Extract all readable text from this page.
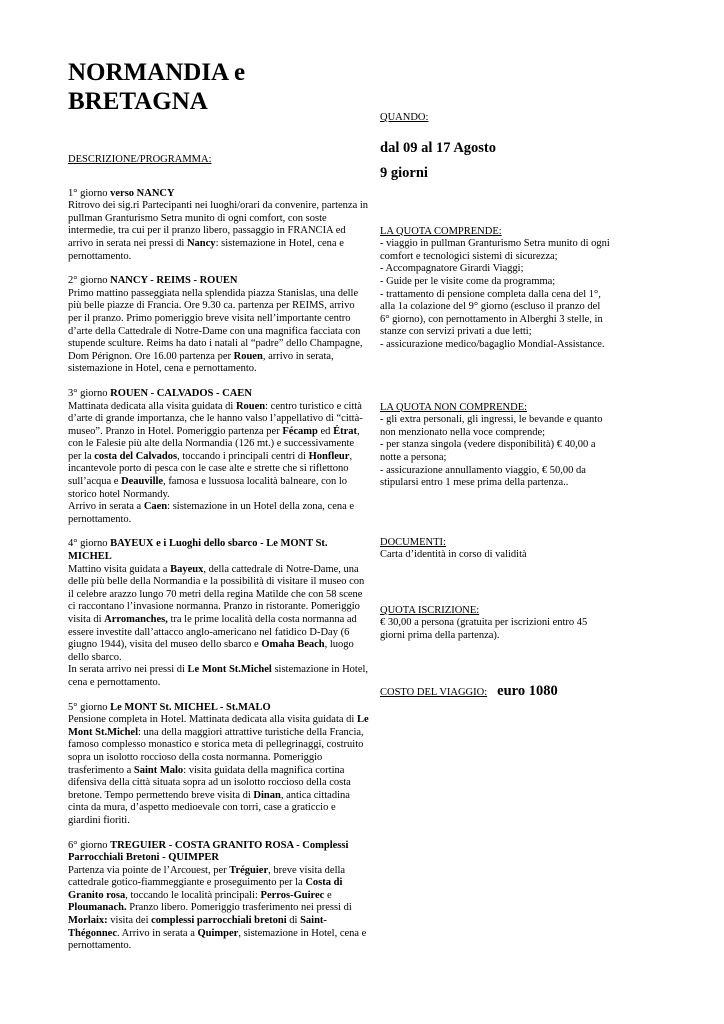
NORMANDIA e
BRETAGNA
DESCRIZIONE/PROGRAMMA:

1° giorno verso NANCY

Ritrovo dei sig.ri Partecipanti nei luoghi/orari da convenire, partenza in pullman Granturismo Setra munito di ogni comfort, con soste intermedie, tra cui per il pranzo libero, passaggio in FRANCIA ed arrivo in serata nei pressi di Nancy: sistemazione in Hotel, cena e pernottamento.

2° giorno NANCY - REIMS - ROUEN

Primo mattino passeggiata nella splendida piazza Stanislas, una delle più belle piazze di Francia. Ore 9.30 ca. partenza per REIMS, arrivo per il pranzo. Primo pomeriggio breve visita nell’importante centro d’arte della Cattedrale di Notre-Dame con una magnifica facciata con stupende sculture. Reims ha dato i natali al “padre” dello Champagne, Dom Pérignon. Ore 16.00 partenza per Rouen, arrivo in serata, sistemazione in Hotel, cena e pernottamento.

3° giorno ROUEN - CALVADOS - CAEN

Mattinata dedicata alla visita guidata di Rouen: centro turistico e città d’arte di grande importanza, che le hanno valso l’appellativo di “città-museo”. Pranzo in Hotel. Pomeriggio partenza per Fécamp ed Étrat, con le Falesie più alte della Normandia (126 mt.) e successivamente per la costa del Calvados, toccando i principali centri di Honfleur, incantevole porto di pesca con le case alte e strette che si riflettono sull’acqua e Deauville, famosa e lussuosa località balneare, con lo storico hotel Normandy.
Arrivo in serata a Caen: sistemazione in un Hotel della zona, cena e pernottamento.

4° giorno BAYEUX e i Luoghi dello sbarco - Le MONT St. MICHEL

Mattino visita guidata a Bayeux, della cattedrale di Notre-Dame, una delle più belle della Normandia e la possibilità di visitare il museo con il celebre arazzo lungo 70 metri della regina Matilde che con 58 scene ci raccontano l’invasione normanna. Pranzo in ristorante. Pomeriggio visita di Arromanches, tra le prime località della costa normanna ad essere investite dall’attacco anglo-americano nel fatidico D-Day (6 giugno 1944), visita del museo dello sbarco e Omaha Beach, luogo dello sbarco.
In serata arrivo nei pressi di Le Mont St.Michel sistemazione in Hotel, cena e pernottamento.

5° giorno Le MONT St. MICHEL - St.MALO

Pensione completa in Hotel. Mattinata dedicata alla visita guidata di Le Mont St.Michel: una della maggiori attrattive turistiche della Francia, famoso complesso monastico e storica meta di pellegrinaggi, costruito sopra un isolotto roccioso della costa normanna. Pomeriggio trasferimento a Saint Malo: visita guidata della magnifica cortina difensiva della città situata sopra ad un isolotto roccioso della costa bretone. Tempo permettendo breve visita di Dinan, antica cittadina cinta da mura, d’aspetto medioevale con torri, case a graticcio e giardini fioriti.

6° giorno TREGUIER - COSTA GRANITO ROSA - Complessi Parrocchiali Bretoni - QUIMPER

Partenza via pointe de l’Arcouest, per Tréguier, breve visita della cattedrale gotico-fiammeggiante e proseguimento per la Costa di Granito rosa, toccando le località principali: Perros-Guirec e Ploumanach. Pranzo libero. Pomeriggio trasferimento nei pressi di Morlaix: visita dei complessi parrocchiali bretoni di Saint-Thégonnec. Arrivo in serata a Quimper, sistemazione in Hotel, cena e pernottamento.

QUANDO:
dal 09 al 17 Agosto
9 giorni
LA QUOTA COMPRENDE:

- viaggio in pullman Granturismo Setra munito di ogni comfort e tecnologici sistemi di sicurezza;

- Accompagnatore Girardi Viaggi;

- Guide per le visite come da programma;

- trattamento di pensione completa dalla cena del 1°, alla 1a colazione del 9° giorno (escluso il pranzo del 6° giorno), con pernottamento in Alberghi 3 stelle, in stanze con servizi privati a due letti;

- assicurazione medico/bagaglio Mondial-Assistance.

LA QUOTA NON COMPRENDE:

- gli extra personali, gli ingressi, le bevande e quanto non menzionato nella voce comprende;

- per stanza singola (vedere disponibilità) € 40,00 a notte a persona;

- assicurazione annullamento viaggio, € 50,00 da stipularsi entro 1 mese prima della partenza..

DOCUMENTI:

Carta d’identità in corso di validità

QUOTA ISCRIZIONE:

€ 30,00 a persona (gratuita per iscrizioni entro 45 giorni prima della partenza).

COSTO DEL VIAGGIO: euro 1080
